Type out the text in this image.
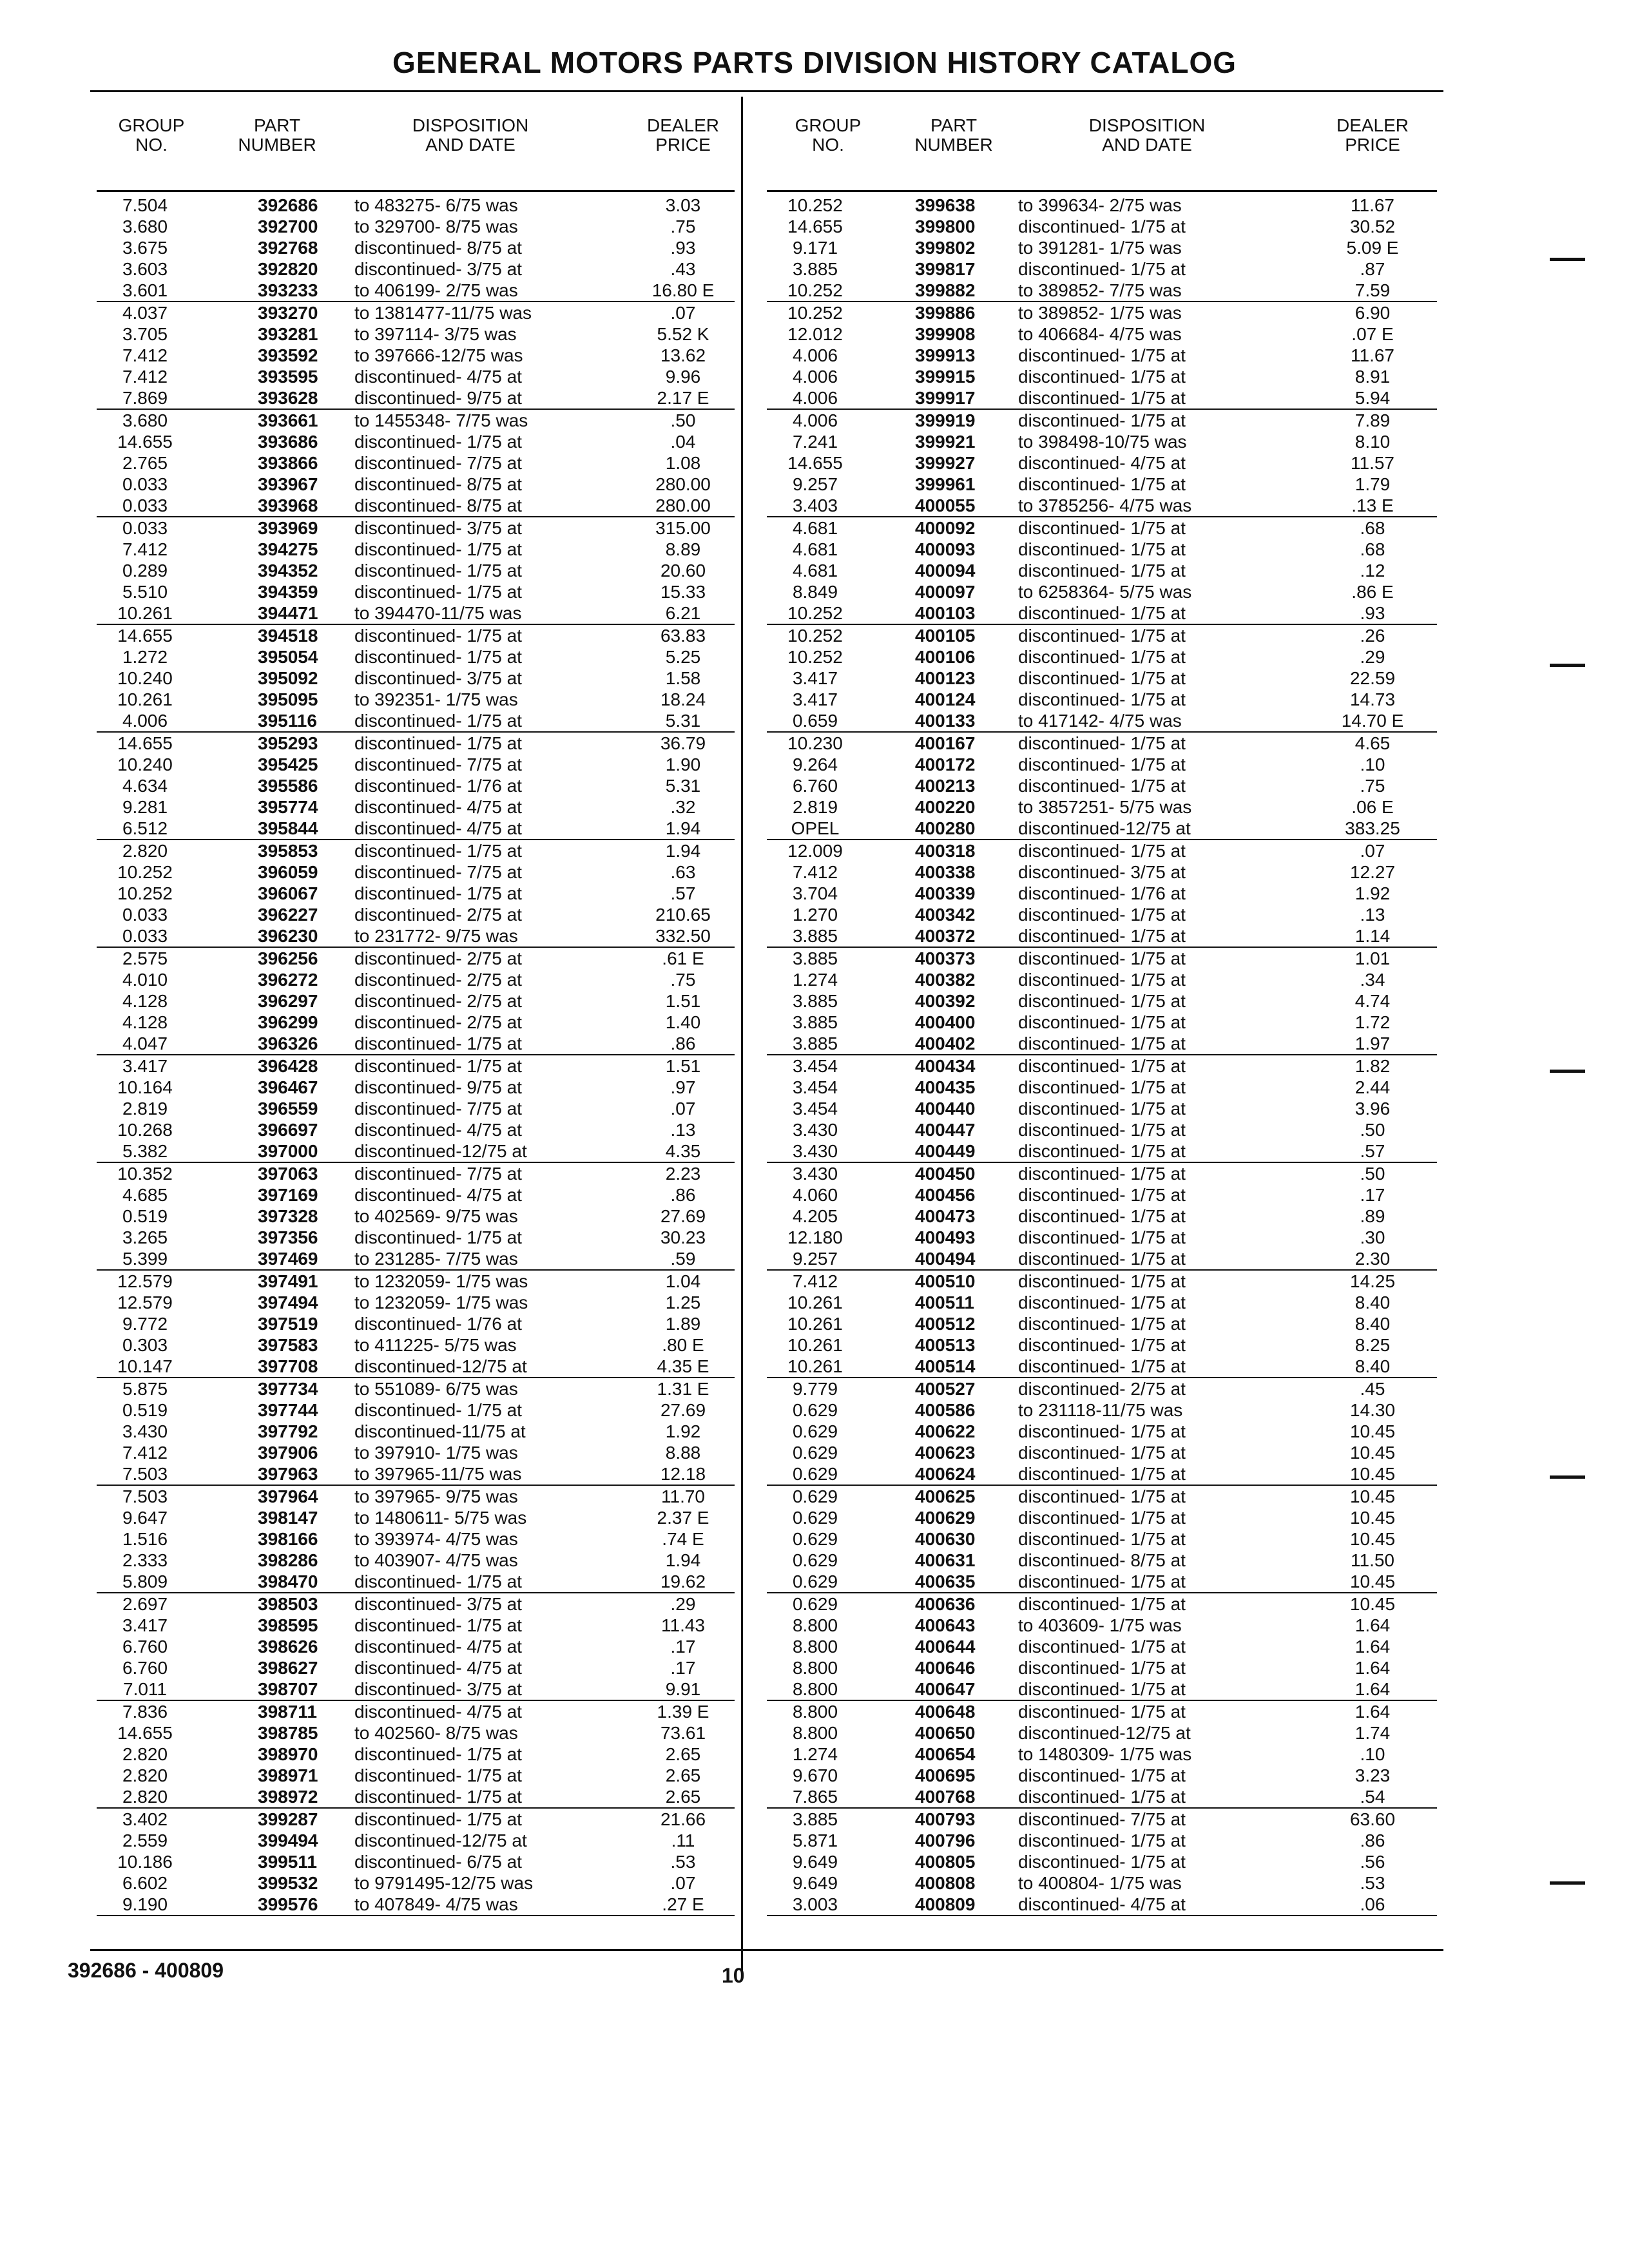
GENERAL MOTORS PARTS DIVISION HISTORY CATALOG
GROUP
NO.
PART
NUMBER
DISPOSITION
AND DATE
DEALER
PRICE
7.504	392686 to 483275- 6/75 was	3.03
3.680	392700 to 329700- 8/75 was	.75
3.675	392768 discontinued- 8/75 at	.93
3.603	392820 discontinued- 3/75 at	.43
3.601	393233 to 406199- 2/75 was	16.80 E
4.037	393270 to 1381477-11/75 was	.07
3.705	393281 to 397114- 3/75 was	5.52 K
7.412	393592 to 397666-12/75 was	13.62
7.412	393595 discontinued- 4/75 at	9.96
7.869	393628 discontinued- 9/75 at	2.17 E
3.680	393661 to 1455348- 7/75 was	.50
14.655	393686 discontinued- 1/75 at	.04
2.765	393866 discontinued- 7/75 at	1.08
0.033	393967 discontinued- 8/75 at	280.00
0.033	393968 discontinued- 8/75 at	280.00
0.033	393969 discontinued- 3/75 at	315.00
7.412	394275 discontinued- 1/75 at	8.89
0.289	394352 discontinued- 1/75 at	20.60
5.510	394359 discontinued- 1/75 at	15.33
10.261	394471 to 394470-11/75 was	6.21
14.655	394518 discontinued- 1/75 at	63.83
1.272	395054 discontinued- 1/75 at	5.25
10.240	395092 discontinued- 3/75 at	1.58
10.261	395095 to 392351- 1/75 was	18.24
4.006	395116 discontinued- 1/75 at	5.31
14.655	395293 discontinued- 1/75 at	36.79
10.240	395425 discontinued- 7/75 at	1.90
4.634	395586 discontinued- 1/76 at	5.31
9.281	395774 discontinued- 4/75 at	.32
6.512	395844 discontinued- 4/75 at	1.94
2.820	395853 discontinued- 1/75 at	1.94
10.252	396059 discontinued- 7/75 at	.63
10.252	396067 discontinued- 1/75 at	.57
0.033	396227 discontinued- 2/75 at	210.65
0.033	396230 to 231772- 9/75 was	332.50
2.575	396256 discontinued- 2/75 at	.61 E
4.010	396272 discontinued- 2/75 at	.75
4.128	396297 discontinued- 2/75 at	1.51
4.128	396299 discontinued- 2/75 at	1.40
4.047	396326 discontinued- 1/75 at	.86
3.417	396428 discontinued- 1/75 at	1.51
10.164	396467 discontinued- 9/75 at	.97
2.819	396559 discontinued- 7/75 at	.07
10.268	396697 discontinued- 4/75 at	.13
5.382	397000 discontinued-12/75 at	4.35
10.352	397063 discontinued- 7/75 at	2.23
4.685	397169 discontinued- 4/75 at	.86
0.519	397328 to 402569- 9/75 was	27.69
3.265	397356 discontinued- 1/75 at	30.23
5.399	397469 to 231285- 7/75 was	.59
12.579	397491 to 1232059- 1/75 was	1.04
12.579	397494 to 1232059- 1/75 was	1.25
9.772	397519 discontinued- 1/76 at	1.89
0.303	397583 to 411225- 5/75 was	.80 E
10.147	397708 discontinued-12/75 at	4.35 E
5.875	397734 to 551089- 6/75 was	1.31 E
0.519	397744 discontinued- 1/75 at	27.69
3.430	397792 discontinued-11/75 at	1.92
7.412	397906 to 397910- 1/75 was	8.88
7.503	397963 to 397965-11/75 was	12.18
7.503	397964 to 397965- 9/75 was	11.70
9.647	398147 to 1480611- 5/75 was	2.37 E
1.516	398166 to 393974- 4/75 was	.74 E
2.333	398286 to 403907- 4/75 was	1.94
5.809	398470 discontinued- 1/75 at	19.62
2.697	398503 discontinued- 3/75 at	.29
3.417	398595 discontinued- 1/75 at	11.43
6.760	398626 discontinued- 4/75 at	.17
6.760	398627 discontinued- 4/75 at	.17
7.011	398707 discontinued- 3/75 at	9.91
7.836	398711 discontinued- 4/75 at	1.39 E
14.655	398785 to 402560- 8/75 was	73.61
2.820	398970 discontinued- 1/75 at	2.65
2.820	398971 discontinued- 1/75 at	2.65
2.820	398972 discontinued- 1/75 at	2.65
3.402	399287 discontinued- 1/75 at	21.66
2.559	399494 discontinued-12/75 at	.11
10.186	399511 discontinued- 6/75 at	.53
6.602	399532 to 9791495-12/75 was	.07
9.190	399576 to 407849- 4/75 was	.27 E
GROUP
NO.
PART
NUMBER
DISPOSITION
AND DATE
DEALER
PRICE
10.252	399638 to 399634- 2/75 was	11.67
14.655	399800 discontinued- 1/75 at	30.52
9.171	399802 to 391281- 1/75 was	5.09 E
3.885	399817 discontinued- 1/75 at	.87
10.252	399882 to 389852- 7/75 was	7.59
10.252	399886 to 389852- 1/75 was	6.90
12.012	399908 to 406684- 4/75 was	.07 E
4.006	399913 discontinued- 1/75 at	11.67
4.006	399915 discontinued- 1/75 at	8.91
4.006	399917 discontinued- 1/75 at	5.94
4.006	399919 discontinued- 1/75 at	7.89
7.241	399921 to 398498-10/75 was	8.10
14.655	399927 discontinued- 4/75 at	11.57
9.257	399961 discontinued- 1/75 at	1.79
3.403	400055 to 3785256- 4/75 was	.13 E
4.681	400092 discontinued- 1/75 at	.68
4.681	400093 discontinued- 1/75 at	.68
4.681	400094 discontinued- 1/75 at	.12
8.849	400097 to 6258364- 5/75 was	.86 E
10.252	400103 discontinued- 1/75 at	.93
10.252	400105 discontinued- 1/75 at	.26
10.252	400106 discontinued- 1/75 at	.29
3.417	400123 discontinued- 1/75 at	22.59
3.417	400124 discontinued- 1/75 at	14.73
0.659	400133 to 417142- 4/75 was	14.70 E
10.230	400167 discontinued- 1/75 at	4.65
9.264	400172 discontinued- 1/75 at	.10
6.760	400213 discontinued- 1/75 at	.75
2.819	400220 to 3857251- 5/75 was	.06 E
OPEL	400280 discontinued-12/75 at	383.25
12.009	400318 discontinued- 1/75 at	.07
7.412	400338 discontinued- 3/75 at	12.27
3.704	400339 discontinued- 1/76 at	1.92
1.270	400342 discontinued- 1/75 at	.13
3.885	400372 discontinued- 1/75 at	1.14
3.885	400373 discontinued- 1/75 at	1.01
1.274	400382 discontinued- 1/75 at	.34
3.885	400392 discontinued- 1/75 at	4.74
3.885	400400 discontinued- 1/75 at	1.72
3.885	400402 discontinued- 1/75 at	1.97
3.454	400434 discontinued- 1/75 at	1.82
3.454	400435 discontinued- 1/75 at	2.44
3.454	400440 discontinued- 1/75 at	3.96
3.430	400447 discontinued- 1/75 at	.50
3.430	400449 discontinued- 1/75 at	.57
3.430	400450 discontinued- 1/75 at	.50
4.060	400456 discontinued- 1/75 at	.17
4.205	400473 discontinued- 1/75 at	.89
12.180	400493 discontinued- 1/75 at	.30
9.257	400494 discontinued- 1/75 at	2.30
7.412	400510 discontinued- 1/75 at	14.25
10.261	400511 discontinued- 1/75 at	8.40
10.261	400512 discontinued- 1/75 at	8.40
10.261	400513 discontinued- 1/75 at	8.25
10.261	400514 discontinued- 1/75 at	8.40
9.779	400527 discontinued- 2/75 at	.45
0.629	400586 to 231118-11/75 was	14.30
0.629	400622 discontinued- 1/75 at	10.45
0.629	400623 discontinued- 1/75 at	10.45
0.629	400624 discontinued- 1/75 at	10.45
0.629	400625 discontinued- 1/75 at	10.45
0.629	400629 discontinued- 1/75 at	10.45
0.629	400630 discontinued- 1/75 at	10.45
0.629	400631 discontinued- 8/75 at	11.50
0.629	400635 discontinued- 1/75 at	10.45
0.629	400636 discontinued- 1/75 at	10.45
8.800	400643 to 403609- 1/75 was	1.64
8.800	400644 discontinued- 1/75 at	1.64
8.800	400646 discontinued- 1/75 at	1.64
8.800	400647 discontinued- 1/75 at	1.64
8.800	400648 discontinued- 1/75 at	1.64
8.800	400650 discontinued-12/75 at	1.74
1.274	400654 to 1480309- 1/75 was	.10
9.670	400695 discontinued- 1/75 at	3.23
7.865	400768 discontinued- 1/75 at	.54
3.885	400793 discontinued- 7/75 at	63.60
5.871	400796 discontinued- 1/75 at	.86
9.649	400805 discontinued- 1/75 at	.56
9.649	400808 to 400804- 1/75 was	.53
3.003	400809 discontinued- 4/75 at	.06
392686 - 400809	10
